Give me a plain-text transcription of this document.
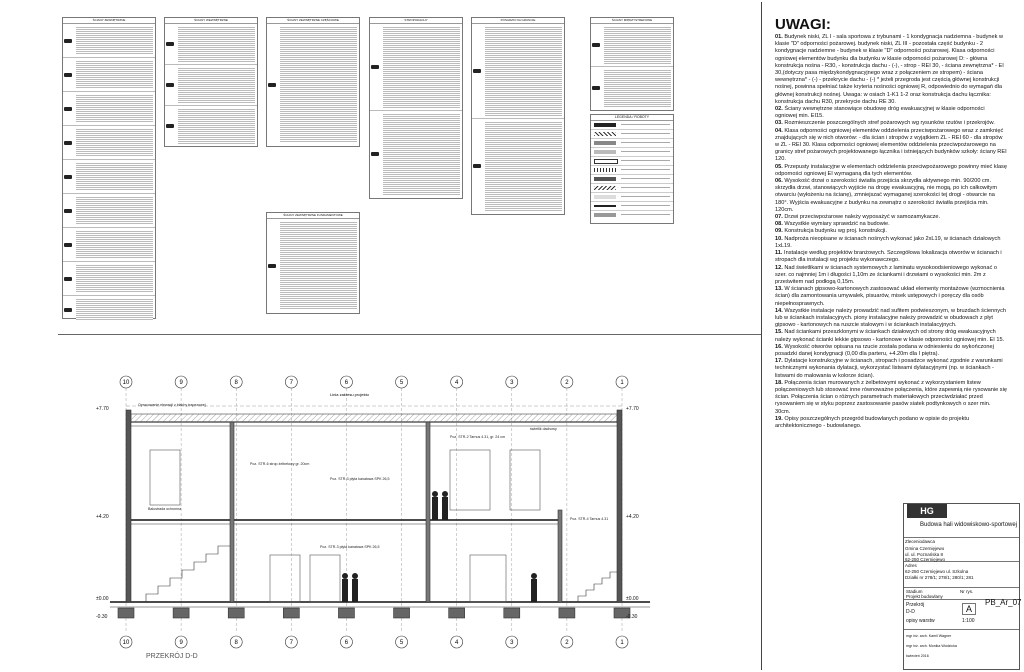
ŚCIANY ZEWNĘTRZNE	ŚCIANY WEWNĘTRZNE	ŚCIANY ZEWNĘTRZNE CZĘŚCIOWE	STROPODACHY	POSADZKI NA GRUNCIE	ŚCIANY MIĘDZYSTREFOWE
LEGENDA / ROBOTY
ŚCIANY ZEWNĘTRZNE FUNDAMENTOWE
UWAGI:

01. Budynek niski, ZL I - sala sportowa z trybunami - 1 kondygnacja nadziemna - budynek w klasie "D" odporności pożarowej. budynek niski, ZL III - pozostała część budynku - 2 kondygnacje nadziemne - budynek w klasie "D" odporności pożarowej. Klasa odporności ogniowej elementów budynku dla budynku w klasie odporności pożarowej D: - główna konstrukcja nośna - R30, - konstrukcja dachu - (-), - strop - REI 30, - ściana zewnętrzna* - EI 30,(dotyczy pasa międzykondygnacyjnego wraz z połączeniem ze stropem) - ściana wewnętrzna* - (-) - przekrycie dachu - (-) * jeżeli przegroda jest częścią głównej konstrukcji nośnej, powinna spełniać także kryteria nośności ogniowej R, odpowiednio do wymagań dla głównej konstrukcji nośnej. Uwaga: w osiach 1-K1 1-2 oraz konstrukcja dachu łącznika: konstrukcja dachu R30, przekrycie dachu RE 30.

02. Ściany wewnętrzne stanowiące obudowę dróg ewakuacyjnej w klasie odporności ogniowej min. EI15.

03. Rozmieszczenie poszczególnych stref pożarowych wg rysunków rzutów i przekrojów.

04. Klasa odporności ogniowej elementów oddzielenia przeciwpożarowego wraz z zamknięć znajdujących się w nich otworów: - dla ścian i stropów z wyjątkiem ZL - REI 60 - dla stropów w ZL - REI 30. Klasa odporności ogniowej elementów oddzielenia przeciwpożarowego na granicy stref pożarowych projektowanego łącznika i istniejących budynków szkoły: ściany REI 120.

05. Przepusty instalacyjne w elementach oddzielenia przeciwpożarowego powinny mieć klasę odporności ogniowej EI wymaganą dla tych elementów.

06. Wysokość drzwi o szerokości światła przejścia skrzydła aktywnego min. 90/200 cm. skrzydła drzwi, stanowiących wyjście na drogę ewakuacyjną, nie mogą, po ich całkowitym otwarciu (wyłożeniu na ścianę), zmniejszać wymaganej szerokości tej drogi - otwarcie na 180°. Wyjścia ewakuacyjne z budynku na zewnątrz o szerokości światła przejścia min. 120cm.

07. Drzwi przeciwpożarowe należy wyposażyć w samozamykacze.

08. Wszystkie wymiary sprawdzić na budowie.

09. Konstrukcja budynku wg proj. konstrukcji.

10. Nadproża nieopisane w ścianach nośnych wykonać jako 2xL19, w ścianach działowych 1xL19.

11. Instalacje według projektów branżowych. Szczegółowa lokalizacja otworów w ścianach i stropach dla instalacji wg projektu wykonawczego.

12. Nad świetlikami w ścianach systemowych z laminatu wysokoodsieniowego wykonać o szer. co najmniej 1m i długości 1,10m ze ściankami i drzwiami o wysokości min. 2m z prześwitem nad podłogą 0,15m.

13. W ścianach gipsowo-kartonowych zastosować układ elementy montażowe (wzmocnienia ścian) dla zamontowania umywalek, pisuarów, misek ustępowych i poręczy dla osób niepełnosprawnych.

14. Wszystkie instalacje należy prowadzić nad sufitem podwieszonym, w bruzdach ściennych lub w ściankach instalacyjnych. piony instalacyjne należy prowadzić w obudowach z płyt gipsowo - kartonowych na ruszcie stalowym i w ściankach instalacyjnych.

15. Nad ściankami przeszklonymi w ściankach działowych od strony dróg ewakuacyjnych należy wykonać ścianki lekkie gipsowo - kartonowe w klasie odporności ogniowej min. EI 15.

16. Wysokość otworów opisana na rzucie została podana w odniesieniu do wykończonej posadzki danej kondygnacji (0,00 dla parteru, +4.20m dla I piętra).

17. Dylatacje konstrukcyjne w ścianach, stropach i posadzce wykonać zgodnie z warunkami technicznymi wykonania dylatacji, wykorzystać listwami dylatacyjnymi (np. w ściankach - listwami do malowania w kolorze ścian).

18. Połączenia ścian murowanych z żelbetowymi wykonać z wykorzystaniem listew połączeniowych lub stosować inne równoważne połączenia, które zapewnią nie rysowanie się ścian. Połączenia ścian o różnych parametrach materiałowych przeciwdziałać przed rysowaniem się w styku poprzez zastosowanie pasów siatek podtynkowych o szer min. 30cm.

19. Opisy poszczególnych przegród budowlanych podano w opisie do projektu architektonicznego - budowlanego.

+7.70
+7.70
+4.20
+4.20
±0.00
±0.00
-0.30
-0.30
10	9	8	7	6	5	4	3	2	1
10	9	8	7	6	5	4	3	2	1
Poz. STR-6 strop żelbetowy gr. 20cm
Poz. STR-2 Tarnus 4.31, gr. 24 cm
świetlik dachowy
Poz. STR-3 płyta kanałowa SPK 26,5
Poz. STR-3 płyta kanałowa SPK 26,5
Opracowanie elewacji z blachy trapezowej
Balustrada ochronna
Poz. STR-4 Tarnus 4.31
Linia zakresu projektu
PRZEKRÓJ D-D
Stadium	Nr rys.
Projekt budowlany
Przekrój
D-D
opisy warstw
A
1:100
mgr inż. arch. Kamil Wagner
mgr inż. arch. Monika Wodzicka
kwiecień 2016
HG
Budowa hali widowiskowo-sportowej
Zleceniodawca
Gmina Czernięjewo
ul. ul. Poznańska 8
62-250 Czernięjewo
Adres
62-250 Czernięjewo ul. Szkolna
Działki nr 278/1; 278/1; 280/1; 281
PB_Ar_07
